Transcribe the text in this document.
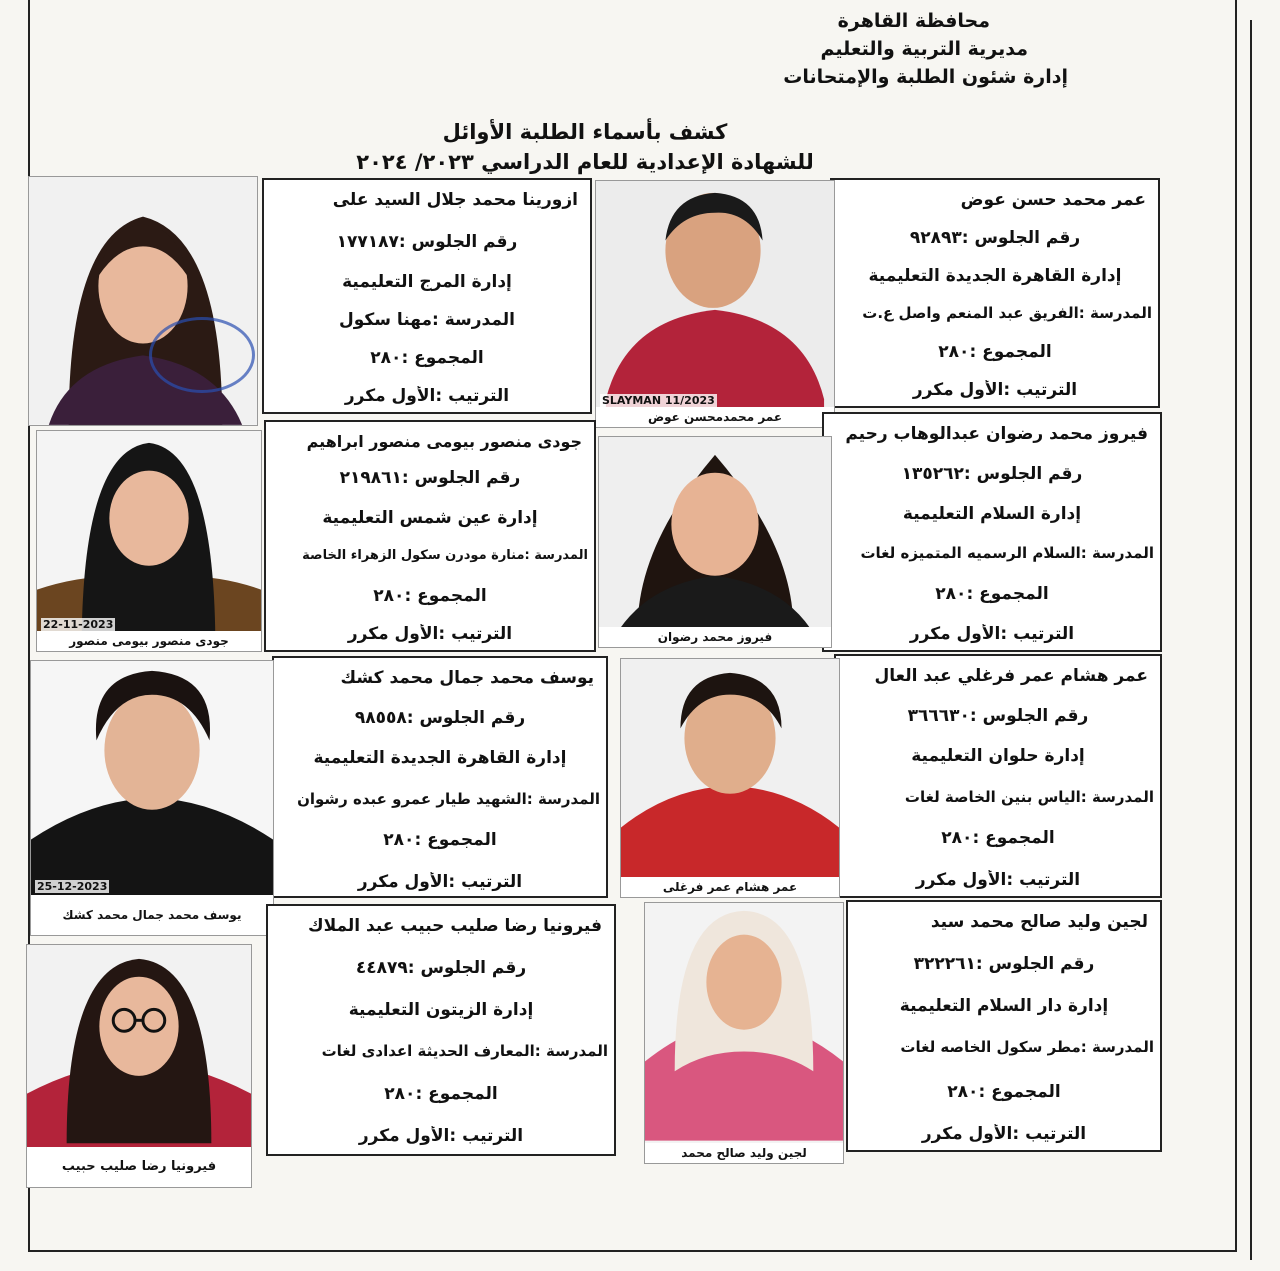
محافظة القاهرة
مديرية التربية والتعليم
إدارة شئون الطلبة والإمتحانات
كشف بأسماء الطلبة الأوائل
للشهادة الإعدادية للعام الدراسي ٢٠٢٣/ ٢٠٢٤
عمر محمد حسن عوض
رقم الجلوس :٩٢٨٩٣
إدارة القاهرة الجديدة التعليمية
المدرسة :الفريق عبد المنعم واصل ع.ت
المجموع :٢٨٠
الترتيب :الأول مكرر
SLAYMAN 11/2023
عمر محمدمحسن عوض
ازورينا محمد جلال السيد على
رقم الجلوس :١٧٧١٨٧
إدارة المرج التعليمية
المدرسة :مهنا سكول
المجموع :٢٨٠
الترتيب :الأول مكرر
فيروز محمد رضوان عبدالوهاب رحيم
رقم الجلوس :١٣٥٢٦٢
إدارة السلام التعليمية
المدرسة :السلام الرسميه المتميزه لغات
المجموع :٢٨٠
الترتيب :الأول مكرر
فيروز محمد رضوان
جودى منصور بيومى منصور ابراهيم
رقم الجلوس :٢١٩٨٦١
إدارة عين شمس التعليمية
المدرسة :منارة مودرن سكول الزهراء الخاصة
المجموع :٢٨٠
الترتيب :الأول مكرر
22-11-2023
جودى منصور بيومى منصور
عمر هشام عمر فرغلي عبد العال
رقم الجلوس :٣٦٦٦٣٠
إدارة حلوان التعليمية
المدرسة :الياس بنين الخاصة لغات
المجموع :٢٨٠
الترتيب :الأول مكرر
عمر هشام عمر فرغلى
يوسف محمد جمال محمد كشك
رقم الجلوس :٩٨٥٥٨
إدارة القاهرة الجديدة التعليمية
المدرسة :الشهيد طيار عمرو عبده رشوان
المجموع :٢٨٠
الترتيب :الأول مكرر
25-12-2023
يوسف محمد جمال محمد كشك	لجين وليد صالح محمد سيد
رقم الجلوس :٣٢٢٢٦١
إدارة دار السلام التعليمية
المدرسة :مطر سكول الخاصه لغات
المجموع :٢٨٠
الترتيب :الأول مكرر
لجين وليد صالح محمد
فيرونيا رضا صليب حبيب عبد الملاك
رقم الجلوس :٤٤٨٧٩
إدارة الزيتون التعليمية
المدرسة :المعارف الحديثة اعدادى لغات
المجموع :٢٨٠
الترتيب :الأول مكرر
فيرونيا رضا صليب حبيب
